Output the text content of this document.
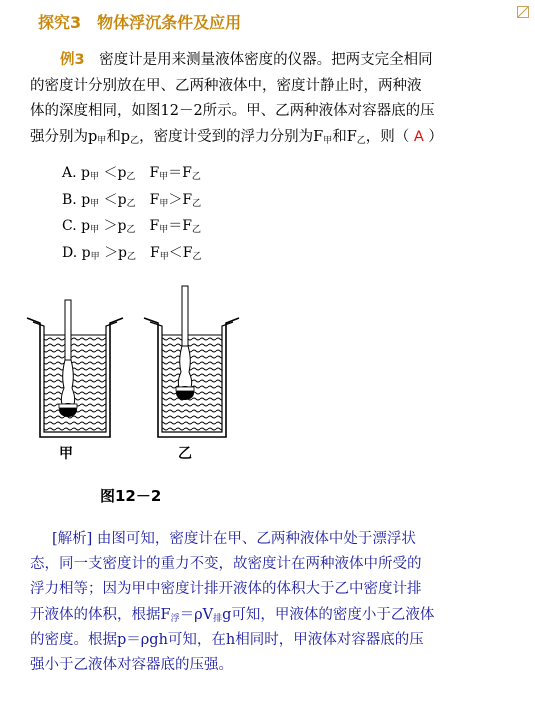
探究3　物体浮沉条件及应用
例3　 密度计是用来测量液体密度的仪器。把两支完全相同
的密度计分别放在甲、乙两种液体中，密度计静止时，两种液
体的深度相同，如图12－2所示。甲、乙两种液体对容器底的压
强分别为$p_甲$和$p_乙$，密度计受到的浮力分别为$F_甲$和$F_乙$，则（ A ）
A. $p_甲 <p_乙$ $F_甲=F_乙$
B. $p_甲 <p_乙$ $F_甲>F_乙$
C. $p_甲 >p_乙$ $F_甲=F_乙$
D. $p_甲 >p_乙$ $F_甲<F_乙$
甲	乙
图12－2
[解析] 由图可知，密度计在甲、乙两种液体中处于漂浮状
态，同一支密度计的重力不变，故密度计在两种液体中所受的
浮力相等；因为甲中密度计排开液体的体积大于乙中密度计排
开液体的体积，根据$F_浮=\rho V_排g$可知，甲液体的密度小于乙液体
的密度。根据p＝ρgh可知，在h相同时，甲液体对容器底的压
强小于乙液体对容器底的压强。
